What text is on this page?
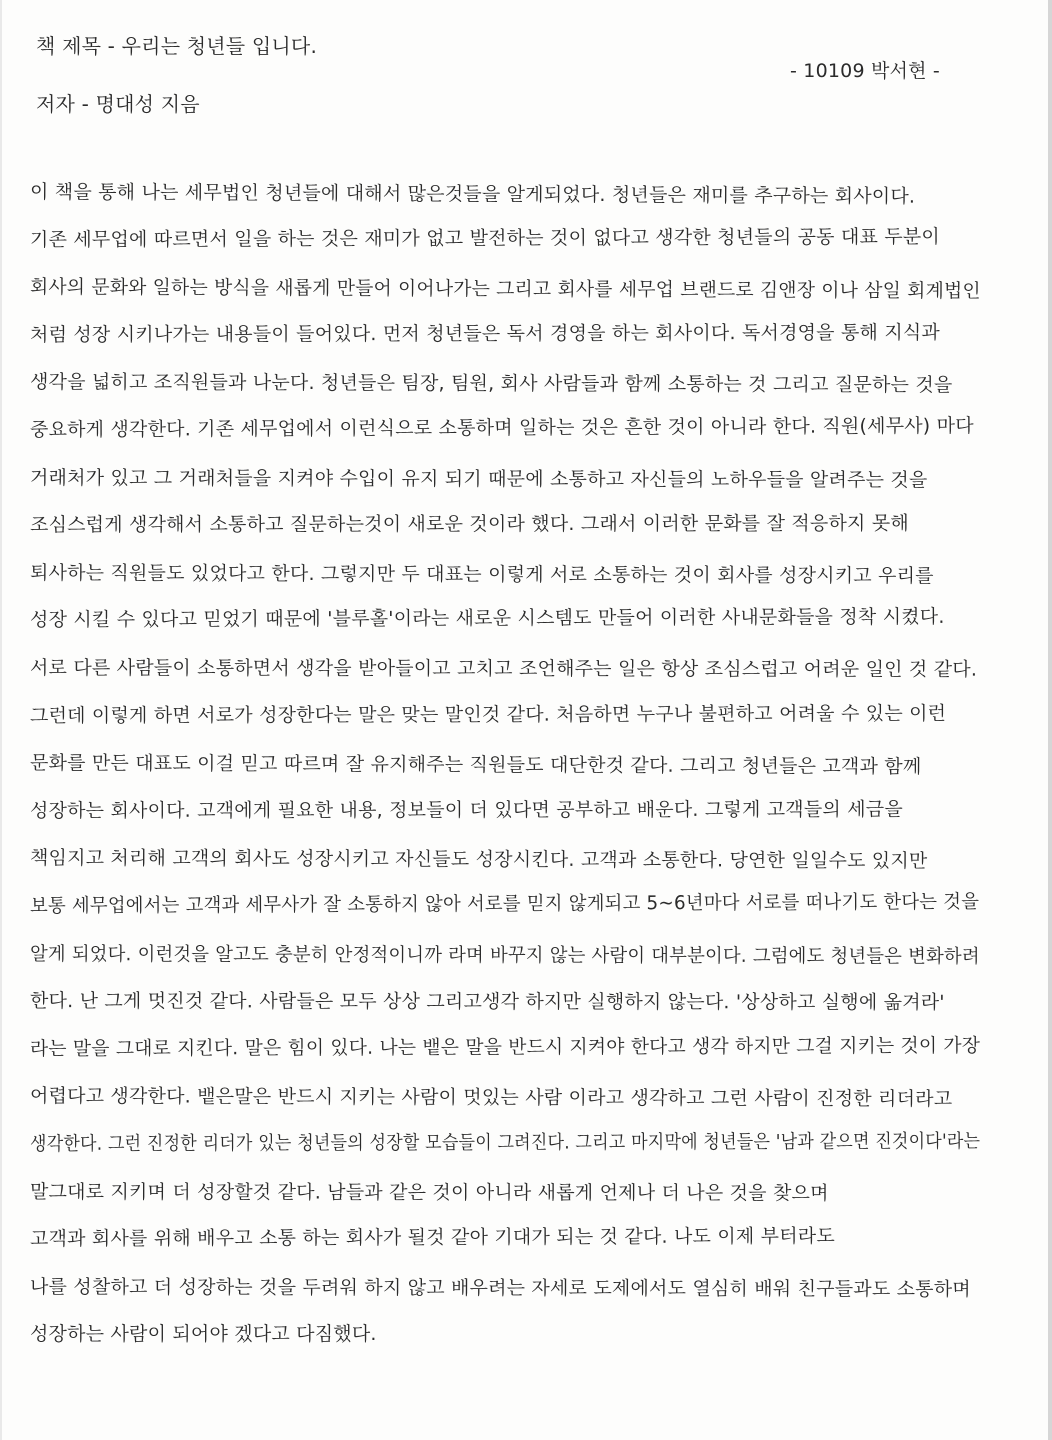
책 제목 - 우리는 청년들 입니다.
- 10109 박서현 -
저자 - 명대성 지음
이 책을 통해 나는 세무법인 청년들에 대해서 많은것들을 알게되었다. 청년들은 재미를 추구하는 회사이다.
기존 세무업에 따르면서 일을 하는 것은 재미가 없고 발전하는 것이 없다고 생각한 청년들의 공동 대표 두분이
회사의 문화와 일하는 방식을 새롭게 만들어 이어나가는 그리고 회사를 세무업 브랜드로 김앤장 이나 삼일 회계법인
처럼 성장 시키나가는 내용들이 들어있다. 먼저 청년들은 독서 경영을 하는 회사이다. 독서경영을 통해 지식과
생각을 넓히고 조직원들과 나눈다. 청년들은 팀장, 팀원, 회사 사람들과 함께 소통하는 것 그리고 질문하는 것을
중요하게 생각한다. 기존 세무업에서 이런식으로 소통하며 일하는 것은 흔한 것이 아니라 한다. 직원(세무사) 마다
거래처가 있고 그 거래처들을 지켜야 수입이 유지 되기 때문에 소통하고 자신들의 노하우들을 알려주는 것을
조심스럽게 생각해서 소통하고 질문하는것이 새로운 것이라 했다. 그래서 이러한 문화를 잘 적응하지 못해
퇴사하는 직원들도 있었다고 한다. 그렇지만 두 대표는 이렇게 서로 소통하는 것이 회사를 성장시키고 우리를
성장 시킬 수 있다고 믿었기 때문에 '블루홀'이라는 새로운 시스템도 만들어 이러한 사내문화들을 정착 시켰다.
서로 다른 사람들이 소통하면서 생각을 받아들이고 고치고 조언해주는 일은 항상 조심스럽고 어려운 일인 것 같다.
그런데 이렇게 하면 서로가 성장한다는 말은 맞는 말인것 같다. 처음하면 누구나 불편하고 어려울 수 있는 이런
문화를 만든 대표도 이걸 믿고 따르며 잘 유지해주는 직원들도 대단한것 같다. 그리고 청년들은 고객과 함께
성장하는 회사이다. 고객에게 필요한 내용, 정보들이 더 있다면 공부하고 배운다. 그렇게 고객들의 세금을
책임지고 처리해 고객의 회사도 성장시키고 자신들도 성장시킨다. 고객과 소통한다. 당연한 일일수도 있지만
보통 세무업에서는 고객과 세무사가 잘 소통하지 않아 서로를 믿지 않게되고 5~6년마다 서로를 떠나기도 한다는 것을
알게 되었다. 이런것을 알고도 충분히 안정적이니까 라며 바꾸지 않는 사람이 대부분이다. 그럼에도 청년들은 변화하려
한다. 난 그게 멋진것 같다. 사람들은 모두 상상 그리고생각 하지만 실행하지 않는다. '상상하고 실행에 옮겨라'
라는 말을 그대로 지킨다. 말은 힘이 있다. 나는 뱉은 말을 반드시 지켜야 한다고 생각 하지만 그걸 지키는 것이 가장
어렵다고 생각한다. 뱉은말은 반드시 지키는 사람이 멋있는 사람 이라고 생각하고 그런 사람이 진정한 리더라고
생각한다. 그런 진정한 리더가 있는 청년들의 성장할 모습들이 그려진다. 그리고 마지막에 청년들은 '남과 같으면 진것이다'라는
말그대로 지키며 더 성장할것 같다. 남들과 같은 것이 아니라 새롭게 언제나 더 나은 것을 찾으며
고객과 회사를 위해 배우고 소통 하는 회사가 될것 같아 기대가 되는 것 같다. 나도 이제 부터라도
나를 성찰하고 더 성장하는 것을 두려워 하지 않고 배우려는 자세로 도제에서도 열심히 배워 친구들과도 소통하며
성장하는 사람이 되어야 겠다고 다짐했다.
